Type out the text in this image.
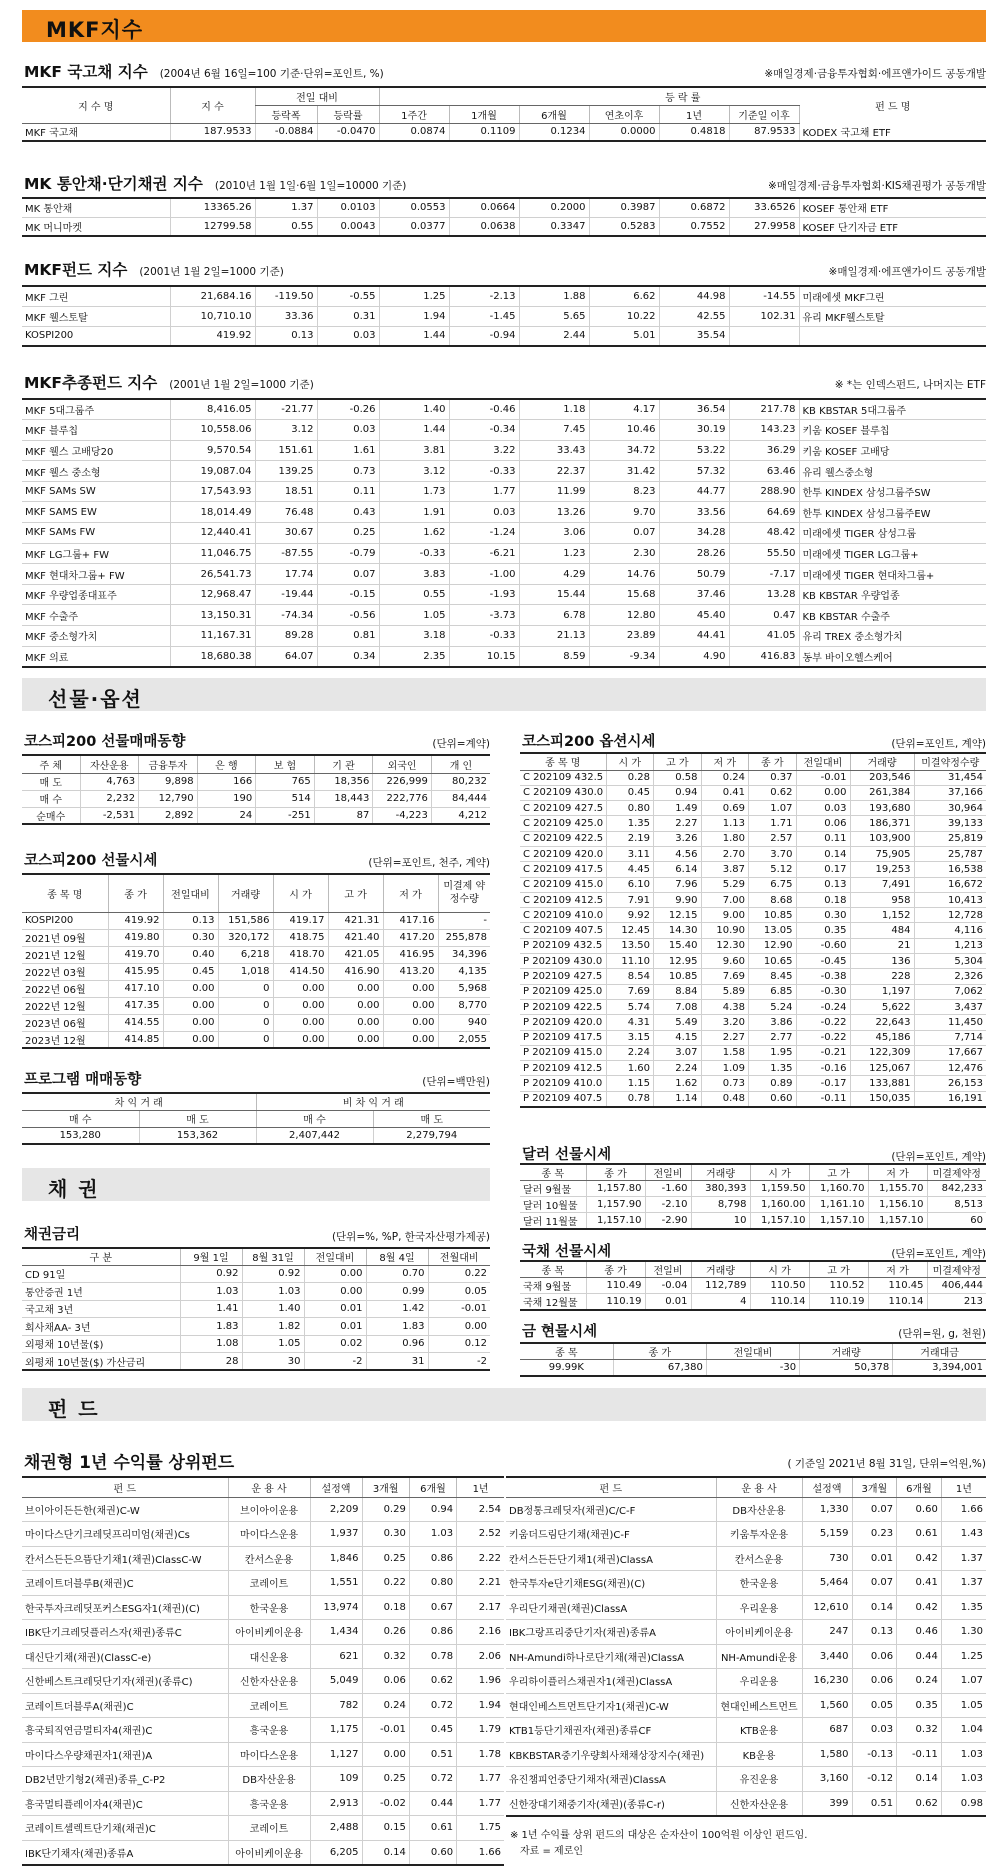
MKF지수
MKF 국고채 지수 (2004년 6월 16일=100 기준·단위=포인트, %)	※매일경제·금융투자협회·에프앤가이드 공동개발
지 수 명	지 수	전일 대비		등 락 률						
		등락폭	등락률	1주간	1개월	6개월	연초이후	1년	기준일 이후	펀 드 명
MKF 국고채	187.9533	-0.0884	-0.0470	0.0874	0.1109	0.1234	0.0000	0.4818	87.9533	KODEX 국고채 ETF
MK 통안채·단기채권 지수 (2010년 1월 1일·6월 1일=10000 기준)	※매일경제·금융투자협회·KIS채권평가 공동개발
MK 통안채	13365.26	1.37	0.0103	0.0553	0.0664	0.2000	0.3987	0.6872	33.6526	KOSEF 통안채 ETF
MK 머니마켓	12799.58	0.55	0.0043	0.0377	0.0638	0.3347	0.5283	0.7552	27.9958	KOSEF 단기자금 ETF
MKF펀드 지수 (2001년 1월 2일=1000 기준)	※매일경제·에프앤가이드 공동개발
MKF 그린	21,684.16	-119.50	-0.55	1.25	-2.13	1.88	6.62	44.98	-14.55	미래에셋 MKF그린
MKF 웰스토탈	10,710.10	33.36	0.31	1.94	-1.45	5.65	10.22	42.55	102.31	유리 MKF웰스토탈
KOSPI200	419.92	0.13	0.03	1.44	-0.94	2.44	5.01	35.54		
MKF추종펀드 지수 (2001년 1월 2일=1000 기준)	※ *는 인덱스펀드, 나머지는 ETF
MKF 5대그룹주	8,416.05	-21.77	-0.26	1.40	-0.46	1.18	4.17	36.54	217.78	KB KBSTAR 5대그룹주
MKF 블루칩	10,558.06	3.12	0.03	1.44	-0.34	7.45	10.46	30.19	143.23	키움 KOSEF 블루칩
MKF 웰스 고배당20	9,570.54	151.61	1.61	3.81	3.22	33.43	34.72	53.22	36.29	키움 KOSEF 고배당
MKF 웰스 중소형	19,087.04	139.25	0.73	3.12	-0.33	22.37	31.42	57.32	63.46	유리 웰스중소형
MKF SAMs SW	17,543.93	18.51	0.11	1.73	1.77	11.99	8.23	44.77	288.90	한투 KINDEX 삼성그룹주SW
MKF SAMS EW	18,014.49	76.48	0.43	1.91	0.03	13.26	9.70	33.56	64.69	한투 KINDEX 삼성그룹주EW
MKF SAMs FW	12,440.41	30.67	0.25	1.62	-1.24	3.06	0.07	34.28	48.42	미래에셋 TIGER 삼성그룹
MKF LG그룹+ FW	11,046.75	-87.55	-0.79	-0.33	-6.21	1.23	2.30	28.26	55.50	미래에셋 TIGER LG그룹+
MKF 현대차그룹+ FW	26,541.73	17.74	0.07	3.83	-1.00	4.29	14.76	50.79	-7.17	미래에셋 TIGER 현대차그룹+
MKF 우량업종대표주	12,968.47	-19.44	-0.15	0.55	-1.93	15.44	15.68	37.46	13.28	KB KBSTAR 우량업종
MKF 수출주	13,150.31	-74.34	-0.56	1.05	-3.73	6.78	12.80	45.40	0.47	KB KBSTAR 수출주
MKF 중소형가치	11,167.31	89.28	0.81	3.18	-0.33	21.13	23.89	44.41	41.05	유리 TREX 중소형가치
MKF 의료	18,680.38	64.07	0.34	2.35	10.15	8.59	-9.34	4.90	416.83	동부 바이오헬스케어
선물·옵션
코스피200 선물매매동향	(단위=계약)
주 체	자산운용	금융투자	은 행	보 험	기 관	외국인	개 인
매 도	4,763	9,898	166	765	18,356	226,999	80,232
매 수	2,232	12,790	190	514	18,443	222,776	84,444
순매수	-2,531	2,892	24	-251	87	-4,223	4,212
코스피200 선물시세	(단위=포인트, 천주, 계약)
종 목 명	종 가	전일대비	거래량	시 가	고 가	저 가	미결제 약정수량
KOSPI200	419.92	0.13	151,586	419.17	421.31	417.16	-
2021년 09월	419.80	0.30	320,172	418.75	421.40	417.20	255,878
2021년 12월	419.70	0.40	6,218	418.70	421.05	416.95	34,396
2022년 03월	415.95	0.45	1,018	414.50	416.90	413.20	4,135
2022년 06월	417.10	0.00	0	0.00	0.00	0.00	5,968
2022년 12월	417.35	0.00	0	0.00	0.00	0.00	8,770
2023년 06월	414.55	0.00	0	0.00	0.00	0.00	940
2023년 12월	414.85	0.00	0	0.00	0.00	0.00	2,055
프로그램 매매동향	(단위=백만원)
차 익 거 래		비 차 익 거 래	
매 수	매 도	매 수	매 도
153,280	153,362	2,407,442	2,279,794
채 권
채권금리	(단위=%, %P, 한국자산평가제공)
구 분	9월 1일	8월 31일	전일대비	8월 4일	전월대비
CD 91일	0.92	0.92	0.00	0.70	0.22
통안증권 1년	1.03	1.03	0.00	0.99	0.05
국고채 3년	1.41	1.40	0.01	1.42	-0.01
회사채AA- 3년	1.83	1.82	0.01	1.83	0.00
외평채 10년물($)	1.08	1.05	0.02	0.96	0.12
외평채 10년물($) 가산금리	28	30	-2	31	-2
코스피200 옵션시세	(단위=포인트, 계약)
종 목 명	시 가	고 가	저 가	종 가	전일대비	거래량	미결약정수량
C 202109 432.5	0.28	0.58	0.24	0.37	-0.01	203,546	31,454
C 202109 430.0	0.45	0.94	0.41	0.62	0.00	261,384	37,166
C 202109 427.5	0.80	1.49	0.69	1.07	0.03	193,680	30,964
C 202109 425.0	1.35	2.27	1.13	1.71	0.06	186,371	39,133
C 202109 422.5	2.19	3.26	1.80	2.57	0.11	103,900	25,819
C 202109 420.0	3.11	4.56	2.70	3.70	0.14	75,905	25,787
C 202109 417.5	4.45	6.14	3.87	5.12	0.17	19,253	16,538
C 202109 415.0	6.10	7.96	5.29	6.75	0.13	7,491	16,672
C 202109 412.5	7.91	9.90	7.00	8.68	0.18	958	10,413
C 202109 410.0	9.92	12.15	9.00	10.85	0.30	1,152	12,728
C 202109 407.5	12.45	14.30	10.90	13.05	0.35	484	4,116
P 202109 432.5	13.50	15.40	12.30	12.90	-0.60	21	1,213
P 202109 430.0	11.10	12.95	9.60	10.65	-0.45	136	5,304
P 202109 427.5	8.54	10.85	7.69	8.45	-0.38	228	2,326
P 202109 425.0	7.69	8.84	5.89	6.85	-0.30	1,197	7,062
P 202109 422.5	5.74	7.08	4.38	5.24	-0.24	5,622	3,437
P 202109 420.0	4.31	5.49	3.20	3.86	-0.22	22,643	11,450
P 202109 417.5	3.15	4.15	2.27	2.77	-0.22	45,186	7,714
P 202109 415.0	2.24	3.07	1.58	1.95	-0.21	122,309	17,667
P 202109 412.5	1.60	2.24	1.09	1.35	-0.16	125,067	12,476
P 202109 410.0	1.15	1.62	0.73	0.89	-0.17	133,881	26,153
P 202109 407.5	0.78	1.14	0.48	0.60	-0.11	150,035	16,191
달러 선물시세	(단위=포인트, 계약)
종 목	종 가	전일비	거래량	시 가	고 가	저 가	미결제약정
달러 9월물	1,157.80	-1.60	380,393	1,159.50	1,160.70	1,155.70	842,233
달러 10월물	1,157.90	-2.10	8,798	1,160.00	1,161.10	1,156.10	8,513
달러 11월물	1,157.10	-2.90	10	1,157.10	1,157.10	1,157.10	60
국채 선물시세	(단위=포인트, 계약)
종 목	종 가	전일비	거래량	시 가	고 가	저 가	미결제약정
국채 9월물	110.49	-0.04	112,789	110.50	110.52	110.45	406,444
국채 12월물	110.19	0.01	4	110.14	110.19	110.14	213
금 현물시세	(단위=원, g, 천원)
종 목	종 가	전일대비	거래량	거래대금
99.99K	67,380	-30	50,378	3,394,001
펀 드
채권형 1년 수익률 상위펀드	( 기준일 2021년 8월 31일, 단위=억원,%)
펀 드	운 용 사	설정액	3개월	6개월	1년
브이아이든든한(채권)C-W	브이아이운용	2,209	0.29	0.94	2.54
마이다스단기크레딧프리미엄(채권)Cs	마이다스운용	1,937	0.30	1.03	2.52
칸서스든든으뜸단기채1(채권)ClassC-W	칸서스운용	1,846	0.25	0.86	2.22
코레이트더블루B(채권)C	코레이트	1,551	0.22	0.80	2.21
한국투자크레딧포커스ESG자1(채권)(C)	한국운용	13,974	0.18	0.67	2.17
IBK단기크레딧플러스자(채권)종류C	아이비케이운용	1,434	0.26	0.86	2.16
대신단기채(채권)(ClassC-e)	대신운용	621	0.32	0.78	2.06
신한베스트크레딧단기자(채권)(종류C)	신한자산운용	5,049	0.06	0.62	1.96
코레이트더블루A(채권)C	코레이트	782	0.24	0.72	1.94
흥국퇴직연금멀티자4(채권)C	흥국운용	1,175	-0.01	0.45	1.79
마이다스우량채권자1(채권)A	마이다스운용	1,127	0.00	0.51	1.78
DB2년만기형2(채권)종류_C-P2	DB자산운용	109	0.25	0.72	1.77
흥국멀티플레이자4(채권)C	흥국운용	2,913	-0.02	0.44	1.77
코레이트셀렉트단기채(채권)C	코레이트	2,488	0.15	0.61	1.75
IBK단기채자(채권)종류A	아이비케이운용	6,205	0.14	0.60	1.66
펀 드	운 용 사	설정액	3개월	6개월	1년
DB정통크레딧자(채권)C/C-F	DB자산운용	1,330	0.07	0.60	1.66
키움더드림단기채(채권)C-F	키움투자운용	5,159	0.23	0.61	1.43
칸서스든든단기채1(채권)ClassA	칸서스운용	730	0.01	0.42	1.37
한국투자e단기채ESG(채권)(C)	한국운용	5,464	0.07	0.41	1.37
우리단기채권(채권)ClassA	우리운용	12,610	0.14	0.42	1.35
IBK그랑프리중단기자(채권)종류A	아이비케이운용	247	0.13	0.46	1.30
NH-Amundi하나로단기채(채권)ClassA	NH-Amundi운용	3,440	0.06	0.44	1.25
우리하이플러스채권자1(채권)ClassA	우리운용	16,230	0.06	0.24	1.07
현대인베스트먼트단기자1(채권)C-W	현대인베스트먼트	1,560	0.05	0.35	1.05
KTB1등단기채권자(채권)종류CF	KTB운용	687	0.03	0.32	1.04
KBKBSTAR중기우량회사채채상장지수(채권)	KB운용	1,580	-0.13	-0.11	1.03
유진챔피언중단기채자(채권)ClassA	유진운용	3,160	-0.12	0.14	1.03
신한장대기채중기자(채권)(종류C-r)	신한자산운용	399	0.51	0.62	0.98
※ 1년 수익률 상위 펀드의 대상은 순자산이 100억원 이상인 펀드임.
자료 = 제로인
